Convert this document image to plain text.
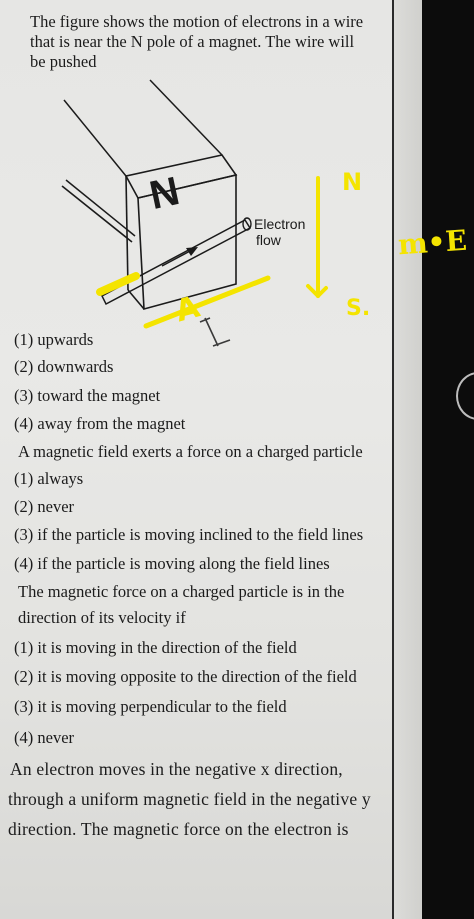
The figure shows the motion of electrons in a wire
that is near the N pole of a magnet. The wire will
be pushed
N
Electron
flow
N
S.
A
(1) upwards
(2) downwards
(3) toward the magnet
(4) away from the magnet
A magnetic field exerts a force on a charged particle
(1) always
(2) never
(3) if the particle is moving inclined to the field lines
(4) if the particle is moving along the field lines
The magnetic force on a charged particle is in the
direction of its velocity if
(1) it is moving in the direction of the field
(2) it is moving opposite to the direction of the field
(3) it is moving perpendicular to the field
(4) never
An electron moves in the negative x direction,
through a uniform magnetic field in the negative y
direction. The magnetic force on the electron is
m•E
